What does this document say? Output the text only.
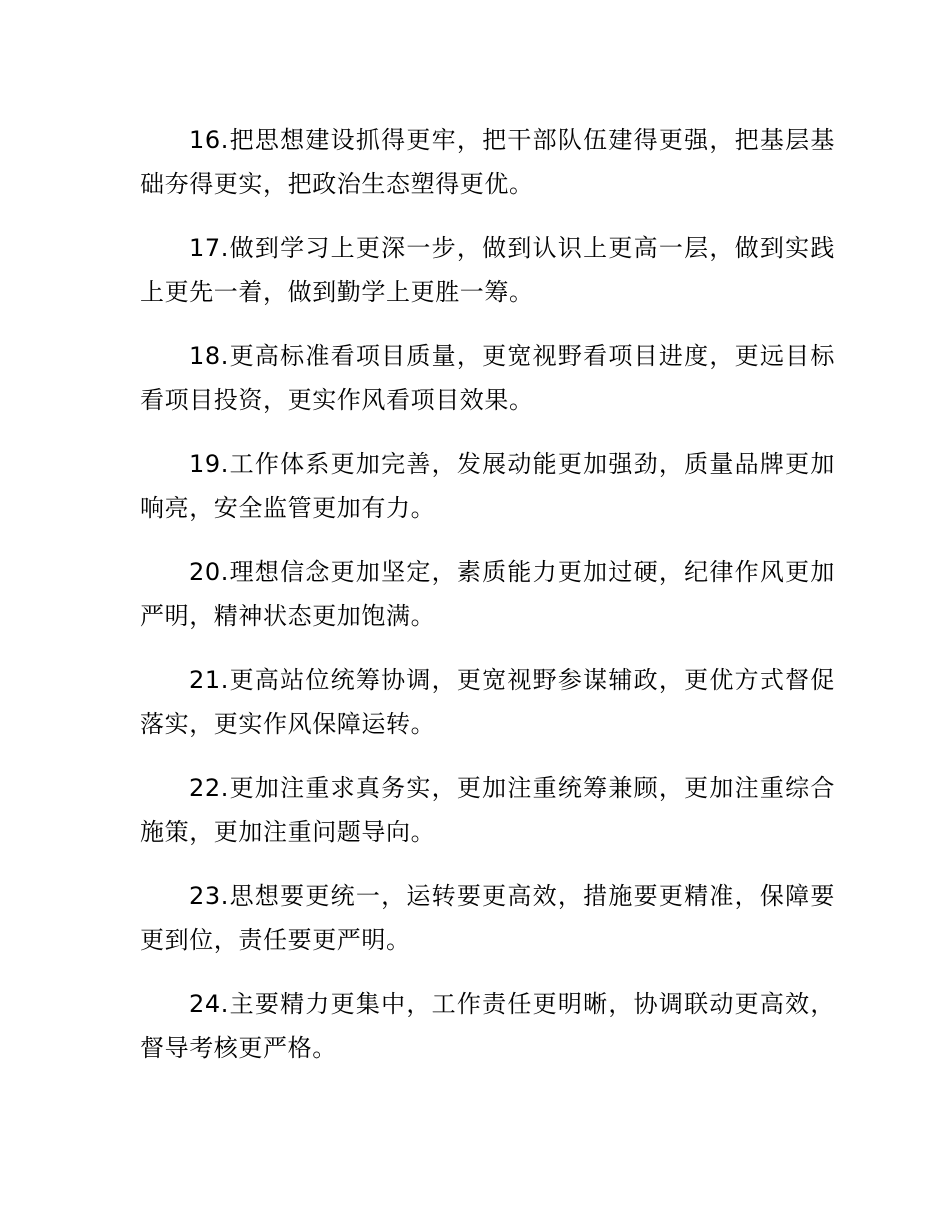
16.把思想建设抓得更牢，把干部队伍建得更强，把基层基础夯得更实，把政治生态塑得更优。

17.做到学习上更深一步，做到认识上更高一层，做到实践上更先一着，做到勤学上更胜一筹。

18.更高标准看项目质量，更宽视野看项目进度，更远目标看项目投资，更实作风看项目效果。

19.工作体系更加完善，发展动能更加强劲，质量品牌更加响亮，安全监管更加有力。

20.理想信念更加坚定，素质能力更加过硬，纪律作风更加严明，精神状态更加饱满。

21.更高站位统筹协调，更宽视野参谋辅政，更优方式督促落实，更实作风保障运转。

22.更加注重求真务实，更加注重统筹兼顾，更加注重综合施策，更加注重问题导向。

23.思想要更统一，运转要更高效，措施要更精准，保障要更到位，责任要更严明。

24.主要精力更集中，工作责任更明晰，协调联动更高效，督导考核更严格。
